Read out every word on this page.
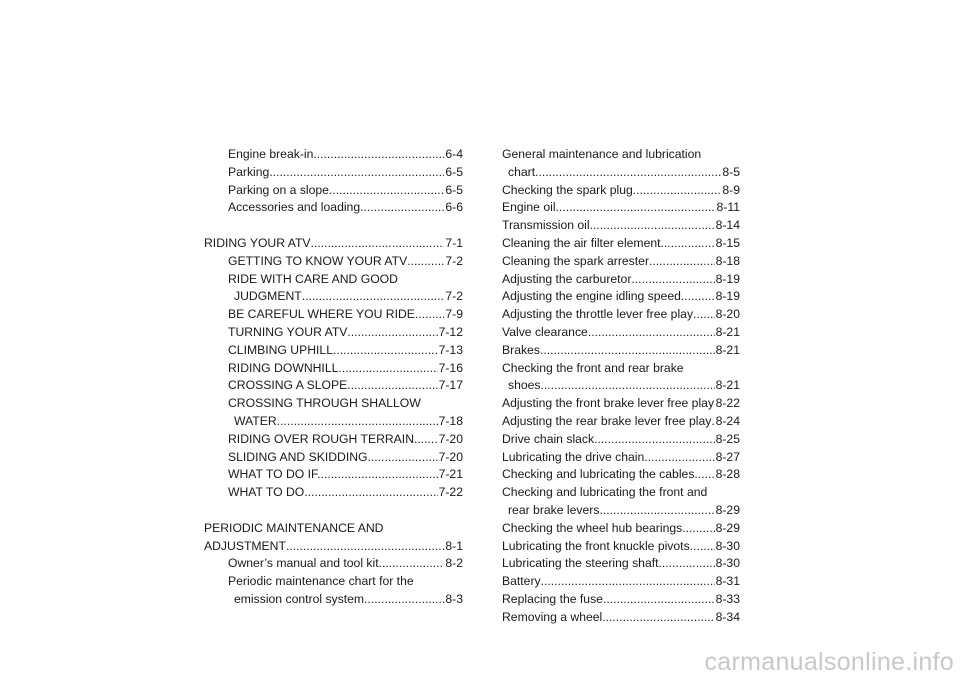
Engine break-in .....	6-4
Parking .....	6-5
Parking on a slope .....	6-5
Accessories and loading .....	6-6
RIDING YOUR ATV .....	7-1
GETTING TO KNOW YOUR ATV .....	7-2
RIDE WITH CARE AND GOOD
JUDGMENT .....	7-2
BE CAREFUL WHERE YOU RIDE ..... 7-9
TURNING YOUR ATV .....	7-12
CLIMBING UPHILL .....	7-13
RIDING DOWNHILL .....	7-16
CROSSING A SLOPE .....	7-17
CROSSING THROUGH SHALLOW
WATER .....	7-18
RIDING OVER ROUGH TERRAIN ..... 7-20
SLIDING AND SKIDDING .....	7-20
WHAT TO DO IF... .....	7-21
WHAT TO DO... .....	7-22
PERIODIC MAINTENANCE AND
ADJUSTMENT .....	8-1
Owner’s manual and tool kit .....	8-2
Periodic maintenance chart for the
emission control system .....	8-3
General maintenance and lubrication
chart .....	8-5
Checking the spark plug .....	8-9
Engine oil .....	8-11
Transmission oil .....	8-14
Cleaning the air filter element .....	8-15
Cleaning the spark arrester .....	8-18
Adjusting the carburetor .....	8-19
Adjusting the engine idling speed .....	8-19
Adjusting the throttle lever free play ..... 8-20
Valve clearance .....	8-21
Brakes .....	8-21
Checking the front and rear brake
shoes .....	8-21
Adjusting the front brake lever free play ..... 8-22
Adjusting the rear brake lever free play ..... 8-24
Drive chain slack .....	8-25
Lubricating the drive chain .....	8-27
Checking and lubricating the cables ..... 8-28
Checking and lubricating the front and
rear brake levers .....	8-29
Checking the wheel hub bearings .....	8-29
Lubricating the front knuckle pivots ..... 8-30
Lubricating the steering shaft .....	8-30
Battery .....	8-31
Replacing the fuse .....	8-33
Removing a wheel .....	8-34
carmanualsonline.info
